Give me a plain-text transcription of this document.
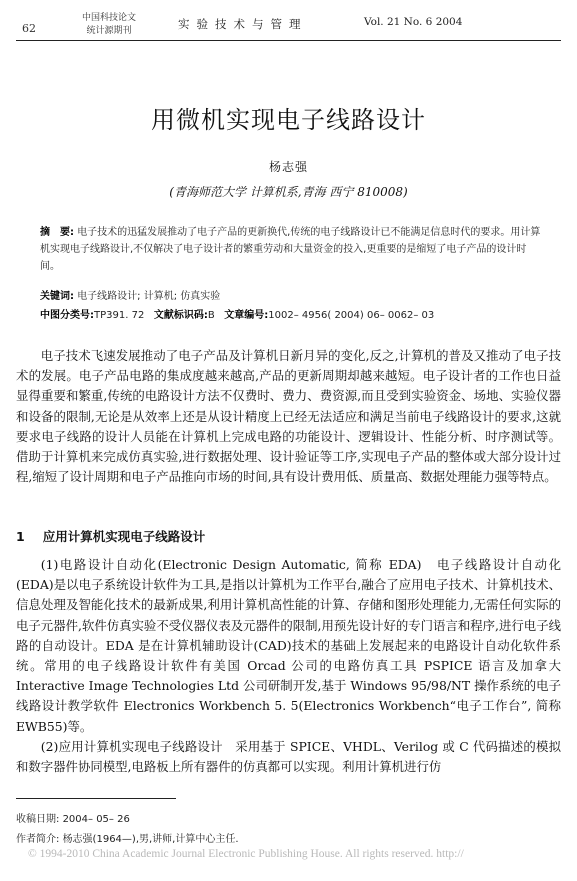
62
中国科技论文
统计源期刊	实验技术与管理	Vol. 21 No. 6 2004
用微机实现电子线路设计
杨志强
(青海师范大学 计算机系,青海 西宁 810008)
摘　要: 电子技术的迅猛发展推动了电子产品的更新换代,传统的电子线路设计已不能满足信息时代的要求。用计算机实现电子线路设计,不仅解决了电子设计者的繁重劳动和大量资金的投入,更重要的是缩短了电子产品的设计时间。
关键词: 电子线路设计; 计算机; 仿真实验
中图分类号:TP391. 72 文献标识码:B 文章编号:1002– 4956( 2004) 06– 0062– 03
电子技术飞速发展推动了电子产品及计算机日新月异的变化,反之,计算机的普及又推动了电子技术的发展。电子产品电路的集成度越来越高,产品的更新周期却越来越短。电子设计者的工作也日益显得重要和繁重,传统的电路设计方法不仅费时、费力、费资源,而且受到实验资金、场地、实验仪器和设备的限制,无论是从效率上还是从设计精度上已经无法适应和满足当前电子线路设计的要求,这就要求电子线路的设计人员能在计算机上完成电路的功能设计、逻辑设计、性能分析、时序测试等。借助于计算机来完成仿真实验,进行数据处理、设计验证等工序,实现电子产品的整体或大部分设计过程,缩短了设计周期和电子产品推向市场的时间,具有设计费用低、质量高、数据处理能力强等特点。
1 应用计算机实现电子线路设计
(1)电路设计自动化(Electronic Design Automatic, 简称 EDA)　电子线路设计自动化(EDA)是以电子系统设计软件为工具,是指以计算机为工作平台,融合了应用电子技术、计算机技术、信息处理及智能化技术的最新成果,利用计算机高性能的计算、存储和图形处理能力,无需任何实际的电子元器件,软件仿真实验不受仪器仪表及元器件的限制,用预先设计好的专门语言和程序,进行电子线路的自动设计。EDA 是在计算机辅助设计(CAD)技术的基础上发展起来的电路设计自动化软件系统。常用的电子线路设计软件有美国 Orcad 公司的电路仿真工具 PSPICE 语言及加拿大 Interactive Image Technologies Ltd 公司研制开发,基于 Windows 95/98/NT 操作系统的电子线路设计教学软件 Electronics Workbench 5. 5(Electronics Workbench“电子工作台”, 简称 EWB55)等。
(2)应用计算机实现电子线路设计　采用基于 SPICE、VHDL、Verilog 或 C 代码描述的模拟和数字器件协同模型,电路板上所有器件的仿真都可以实现。利用计算机进行仿
收稿日期: 2004– 05– 26
作者简介: 杨志强(1964—),男,讲师,计算中心主任.
© 1994-2010 China Academic Journal Electronic Publishing House. All rights reserved. http://
